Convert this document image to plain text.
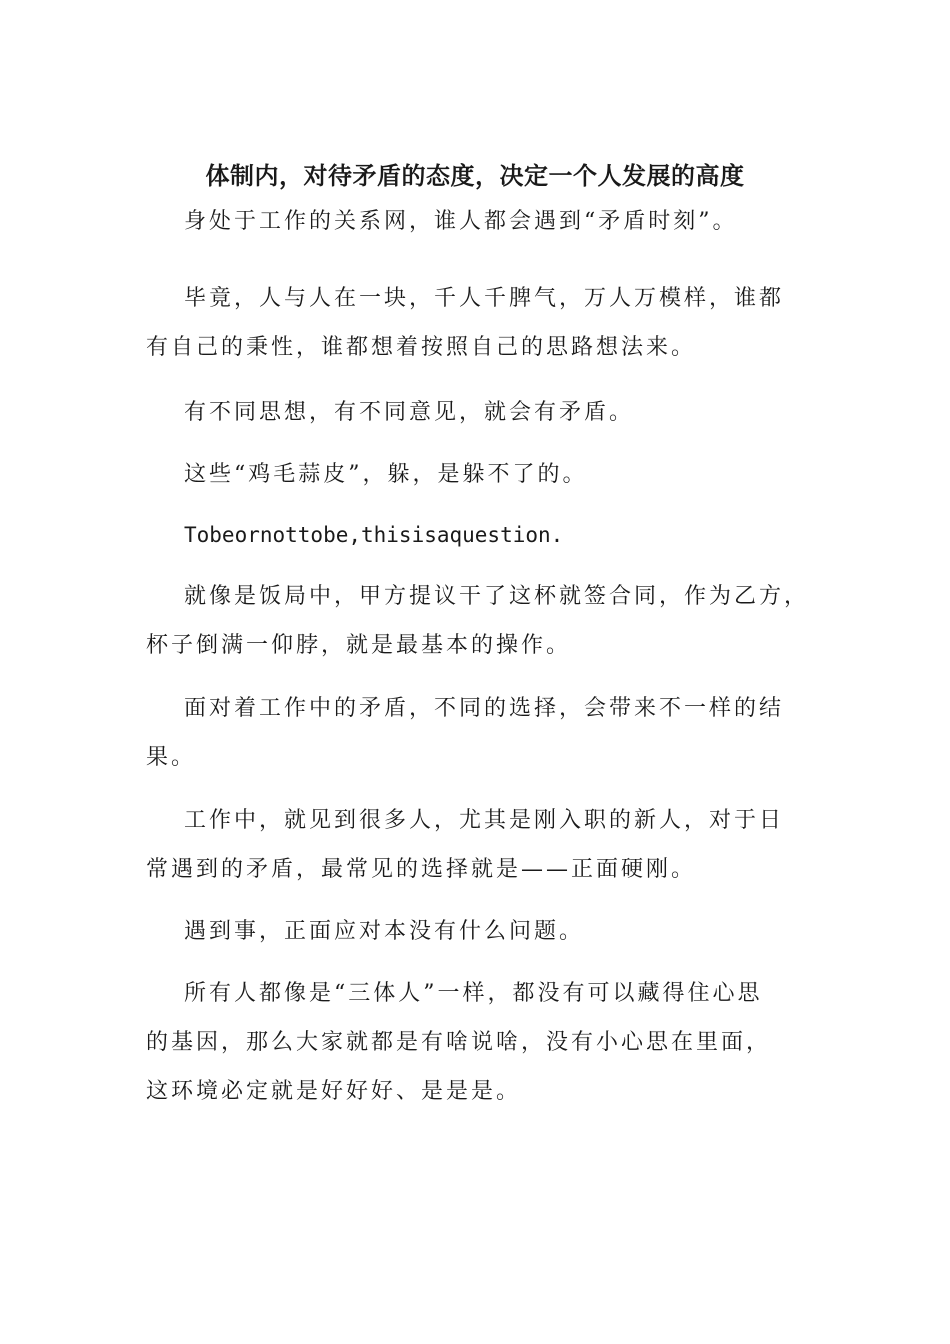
体制内，对待矛盾的态度，决定一个人发展的高度
身处于工作的关系网，谁人都会遇到“矛盾时刻”。
毕竟，人与人在一块，千人千脾气，万人万模样，谁都
有自己的秉性，谁都想着按照自己的思路想法来。
有不同思想，有不同意见，就会有矛盾。
这些“鸡毛蒜皮”，躲，是躲不了的。
Tobeornottobe,thisisaquestion.
就像是饭局中，甲方提议干了这杯就签合同，作为乙方，
杯子倒满一仰脖，就是最基本的操作。
面对着工作中的矛盾，不同的选择，会带来不一样的结
果。
工作中，就见到很多人，尤其是刚入职的新人，对于日
常遇到的矛盾，最常见的选择就是——正面硬刚。
遇到事，正面应对本没有什么问题。
所有人都像是“三体人”一样，都没有可以藏得住心思
的基因，那么大家就都是有啥说啥，没有小心思在里面，
这环境必定就是好好好、是是是。
